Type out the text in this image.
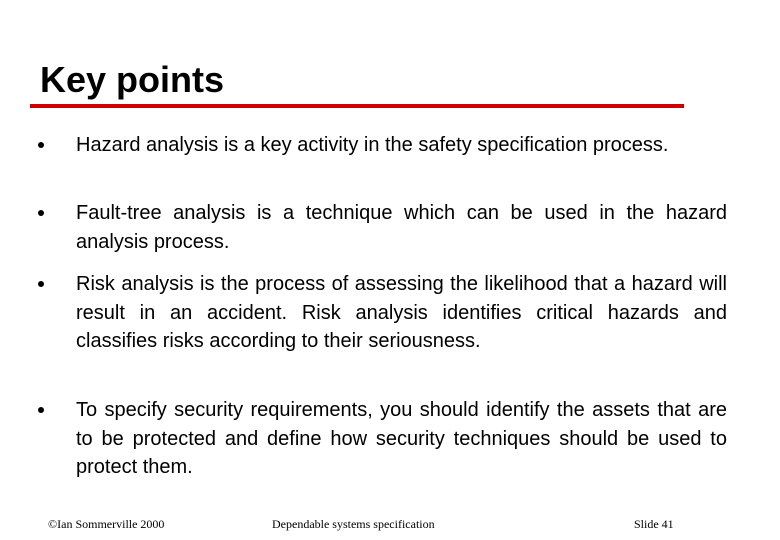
Key points

Hazard analysis is a key activity in the safety specification process.

Fault-tree analysis is a technique which can be used in the hazard analysis process.

Risk analysis is the process of assessing the likelihood that a hazard will result in an accident. Risk analysis identifies critical hazards and classifies risks according to their seriousness.

To specify security requirements, you should identify the assets that are to be protected and define how security techniques should be used to protect them.

©Ian Sommerville 2000	Dependable systems specification	Slide 41
